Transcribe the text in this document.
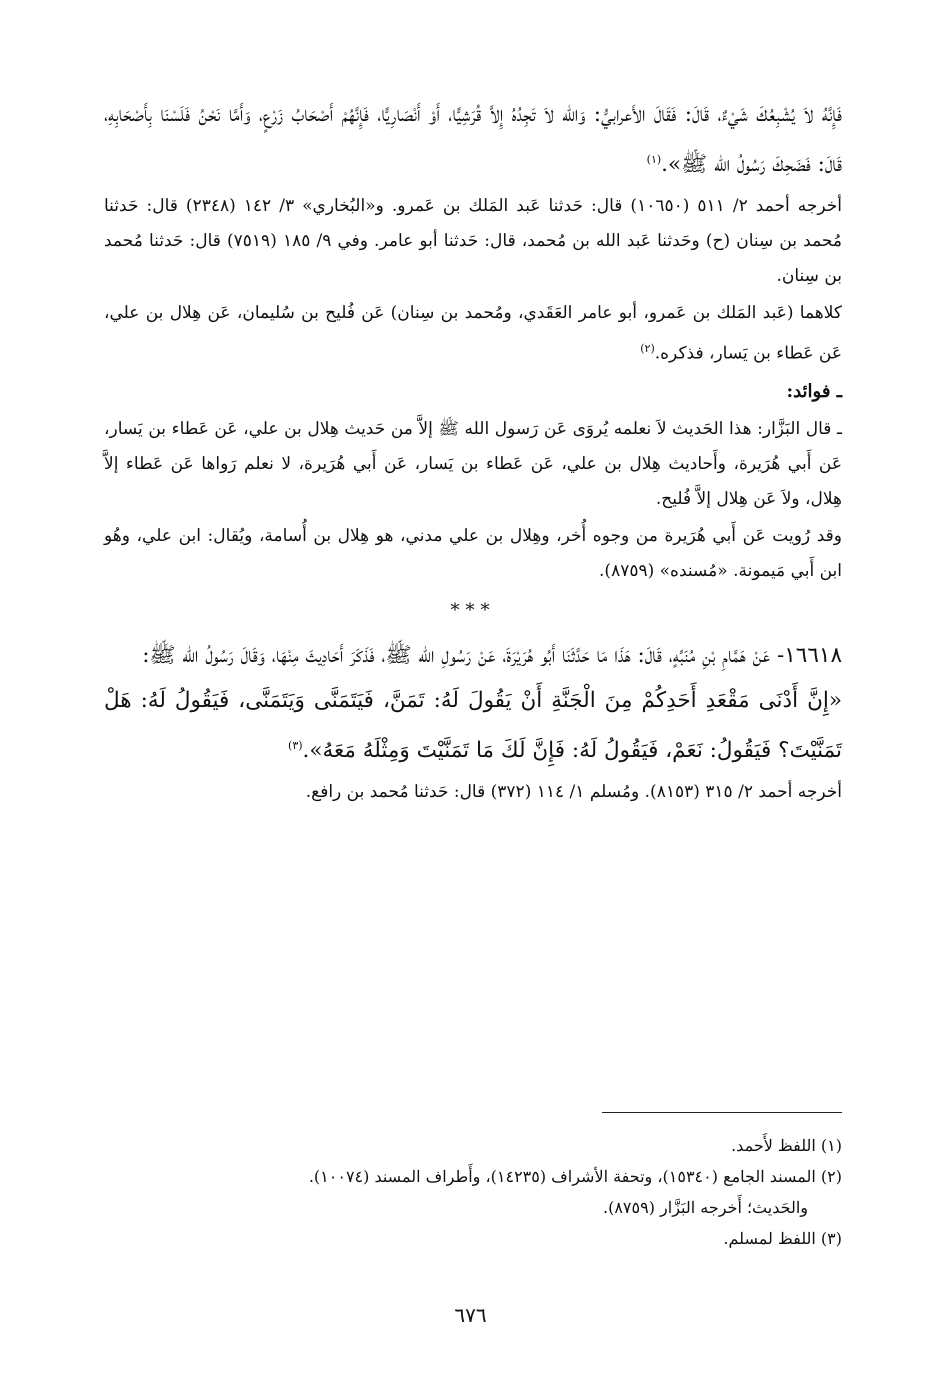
فَإِنَّهُ لاَ يُشْبِعُكَ شَيْءٌ، قَالَ: فَقَالَ الأَعرابيُّ: وَالله لاَ تَجِدُهُ إِلاَّ قُرَشِيًّا، أَوْ أَنْصَارِيًّا، فَإِنَّهُمْ أَصْحَابُ زَرْعٍ، وَأَمَّا نَحْنُ فَلَسْنَا بِأَصْحَابِهِ، قَالَ: فَضَحِكَ رَسُولُ الله ﷺ».$^{(١)}$

أخرجه أحمد ٢/ ٥١١ (١٠٦٥٠) قال: حَدثنا عَبد المَلك بن عَمرو. و«البُخاري» ٣/ ١٤٢ (٢٣٤٨) قال: حَدثنا مُحمد بن سِنان (ح) وحَدثنا عَبد الله بن مُحمد، قال: حَدثنا أبو عامر. وفي ٩/ ١٨٥ (٧٥١٩) قال: حَدثنا مُحمد بن سِنان.

كلاهما (عَبد المَلك بن عَمرو، أبو عامر العَقَدي، ومُحمد بن سِنان) عَن فُليح بن سُليمان، عَن هِلال بن علي، عَن عَطاء بن يَسار، فذكره.$^{(٢)}$

ـ فوائد:

ـ قال البَزَّار: هذا الحَديث لاَ نعلمه يُروَى عَن رَسول الله ﷺ إلاَّ من حَديث هِلال بن علي، عَن عَطاء بن يَسار، عَن أَبي هُرَيرة، وأَحاديث هِلال بن علي، عَن عَطاء بن يَسار، عَن أَبي هُرَيرة، لا نعلم رَواها عَن عَطاء إلاَّ هِلال، ولاَ عَن هِلال إلاَّ فُليح.

وقد رُويت عَن أَبي هُرَيرة من وجوه أُخر، وهِلال بن علي مدني، هو هِلال بن أُسامة، ويُقال: ابن علي، وهُو ابن أَبي مَيمونة. «مُسنده» (٨٧٥٩).

***

١٦٦١٨- عَنْ هَمَّامِ بْنِ مُنَبِّهٍ، قَالَ: هَذَا مَا حَدَّثَنَا أَبُو هُرَيْرَةَ، عَنْ رَسُولِ الله ﷺ، فَذَكَرَ أَحَادِيثَ مِنْهَا، وَقَالَ رَسُولُ الله ﷺ:

«إِنَّ أَدْنَى مَقْعَدِ أَحَدِكُمْ مِنَ الْجَنَّةِ أَنْ يَقُولَ لَهُ: تَمَنَّ، فَيَتَمَنَّى وَيَتَمَنَّى، فَيَقُولُ لَهُ: هَلْ تَمَنَّيْتَ؟ فَيَقُولُ: نَعَمْ، فَيَقُولُ لَهُ: فَإِنَّ لَكَ مَا تَمَنَّيْتَ وَمِثْلَهُ مَعَهُ».$^{(٣)}$

أخرجه أحمد ٢/ ٣١٥ (٨١٥٣). ومُسلم ١/ ١١٤ (٣٧٢) قال: حَدثنا مُحمد بن رافع.

(١) اللفظ لأَحمد.

(٢) المسند الجامع (١٥٣٤٠)، وتحفة الأشراف (١٤٢٣٥)، وأَطراف المسند (١٠٠٧٤).

والحَديث؛ أَخرجه البَزَّار (٨٧٥٩).

(٣) اللفظ لمسلم.

٦٧٦
